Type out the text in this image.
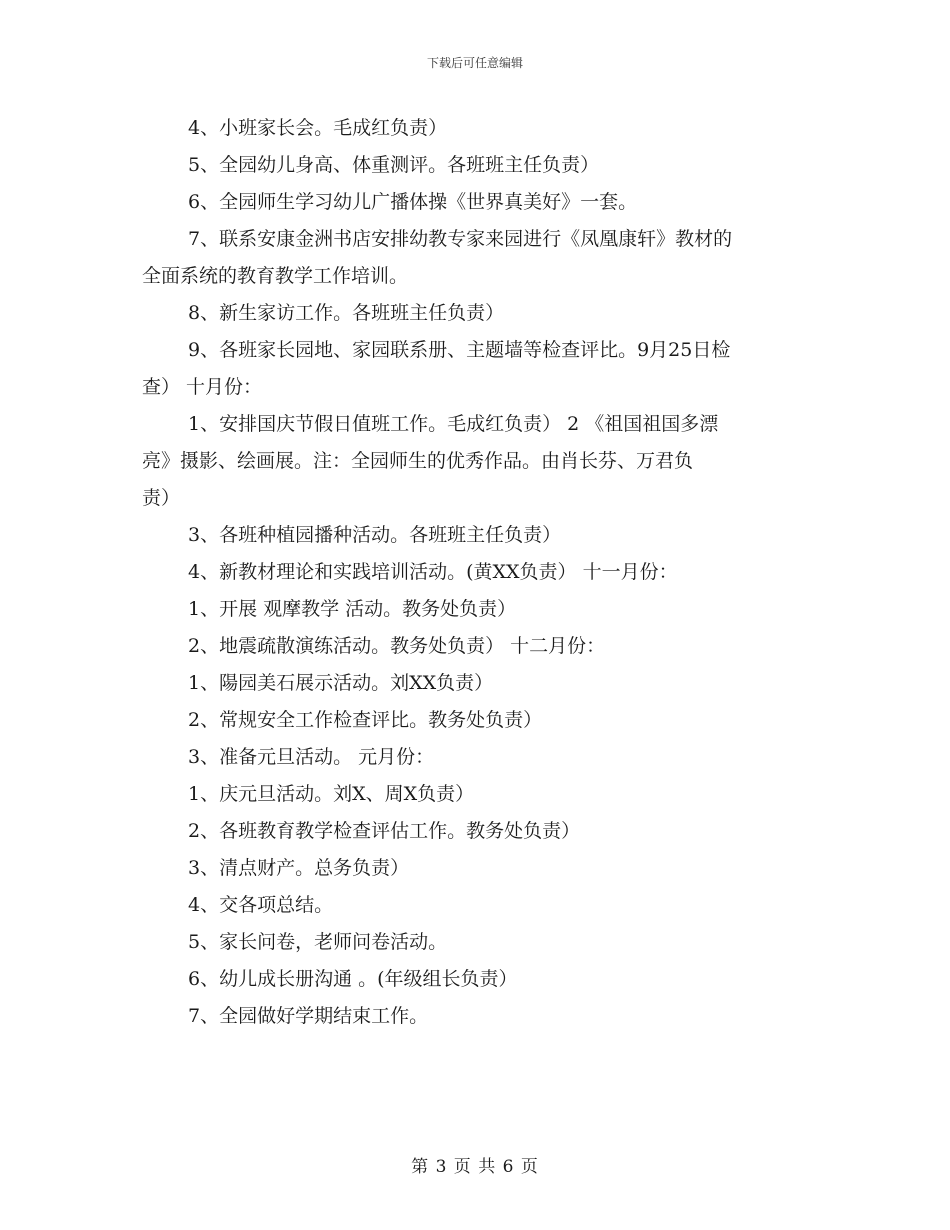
下载后可任意编辑
4、小班家长会。毛成红负责）
5、全园幼儿身高、体重测评。各班班主任负责）
6、全园师生学习幼儿广播体操《世界真美好》一套。
7、联系安康金洲书店安排幼教专家来园进行《凤凰康轩》教材的
全面系统的教育教学工作培训。
8、新生家访工作。各班班主任负责）
9、各班家长园地、家园联系册、主题墙等检查评比。9月25日检
查） 十月份：
1、安排国庆节假日值班工作。毛成红负责） 2 《祖国祖国多漂
亮》摄影、绘画展。注：全园师生的优秀作品。由肖长芬、万君负
责）
3、各班种植园播种活动。各班班主任负责）
4、新教材理论和实践培训活动。(黄XX负责） 十一月份：
1、开展 观摩教学 活动。教务处负责）
2、地震疏散演练活动。教务处负责） 十二月份：
1、陽园美石展示活动。刘XX负责）
2、常规安全工作检查评比。教务处负责）
3、准备元旦活动。 元月份：
1、庆元旦活动。刘X、周X负责）
2、各班教育教学检查评估工作。教务处负责）
3、清点财产。总务负责）
4、交各项总结。
5、家长问卷，老师问卷活动。
6、幼儿成长册沟通 。(年级组长负责）
7、全园做好学期结束工作。
第 3 页 共 6 页
